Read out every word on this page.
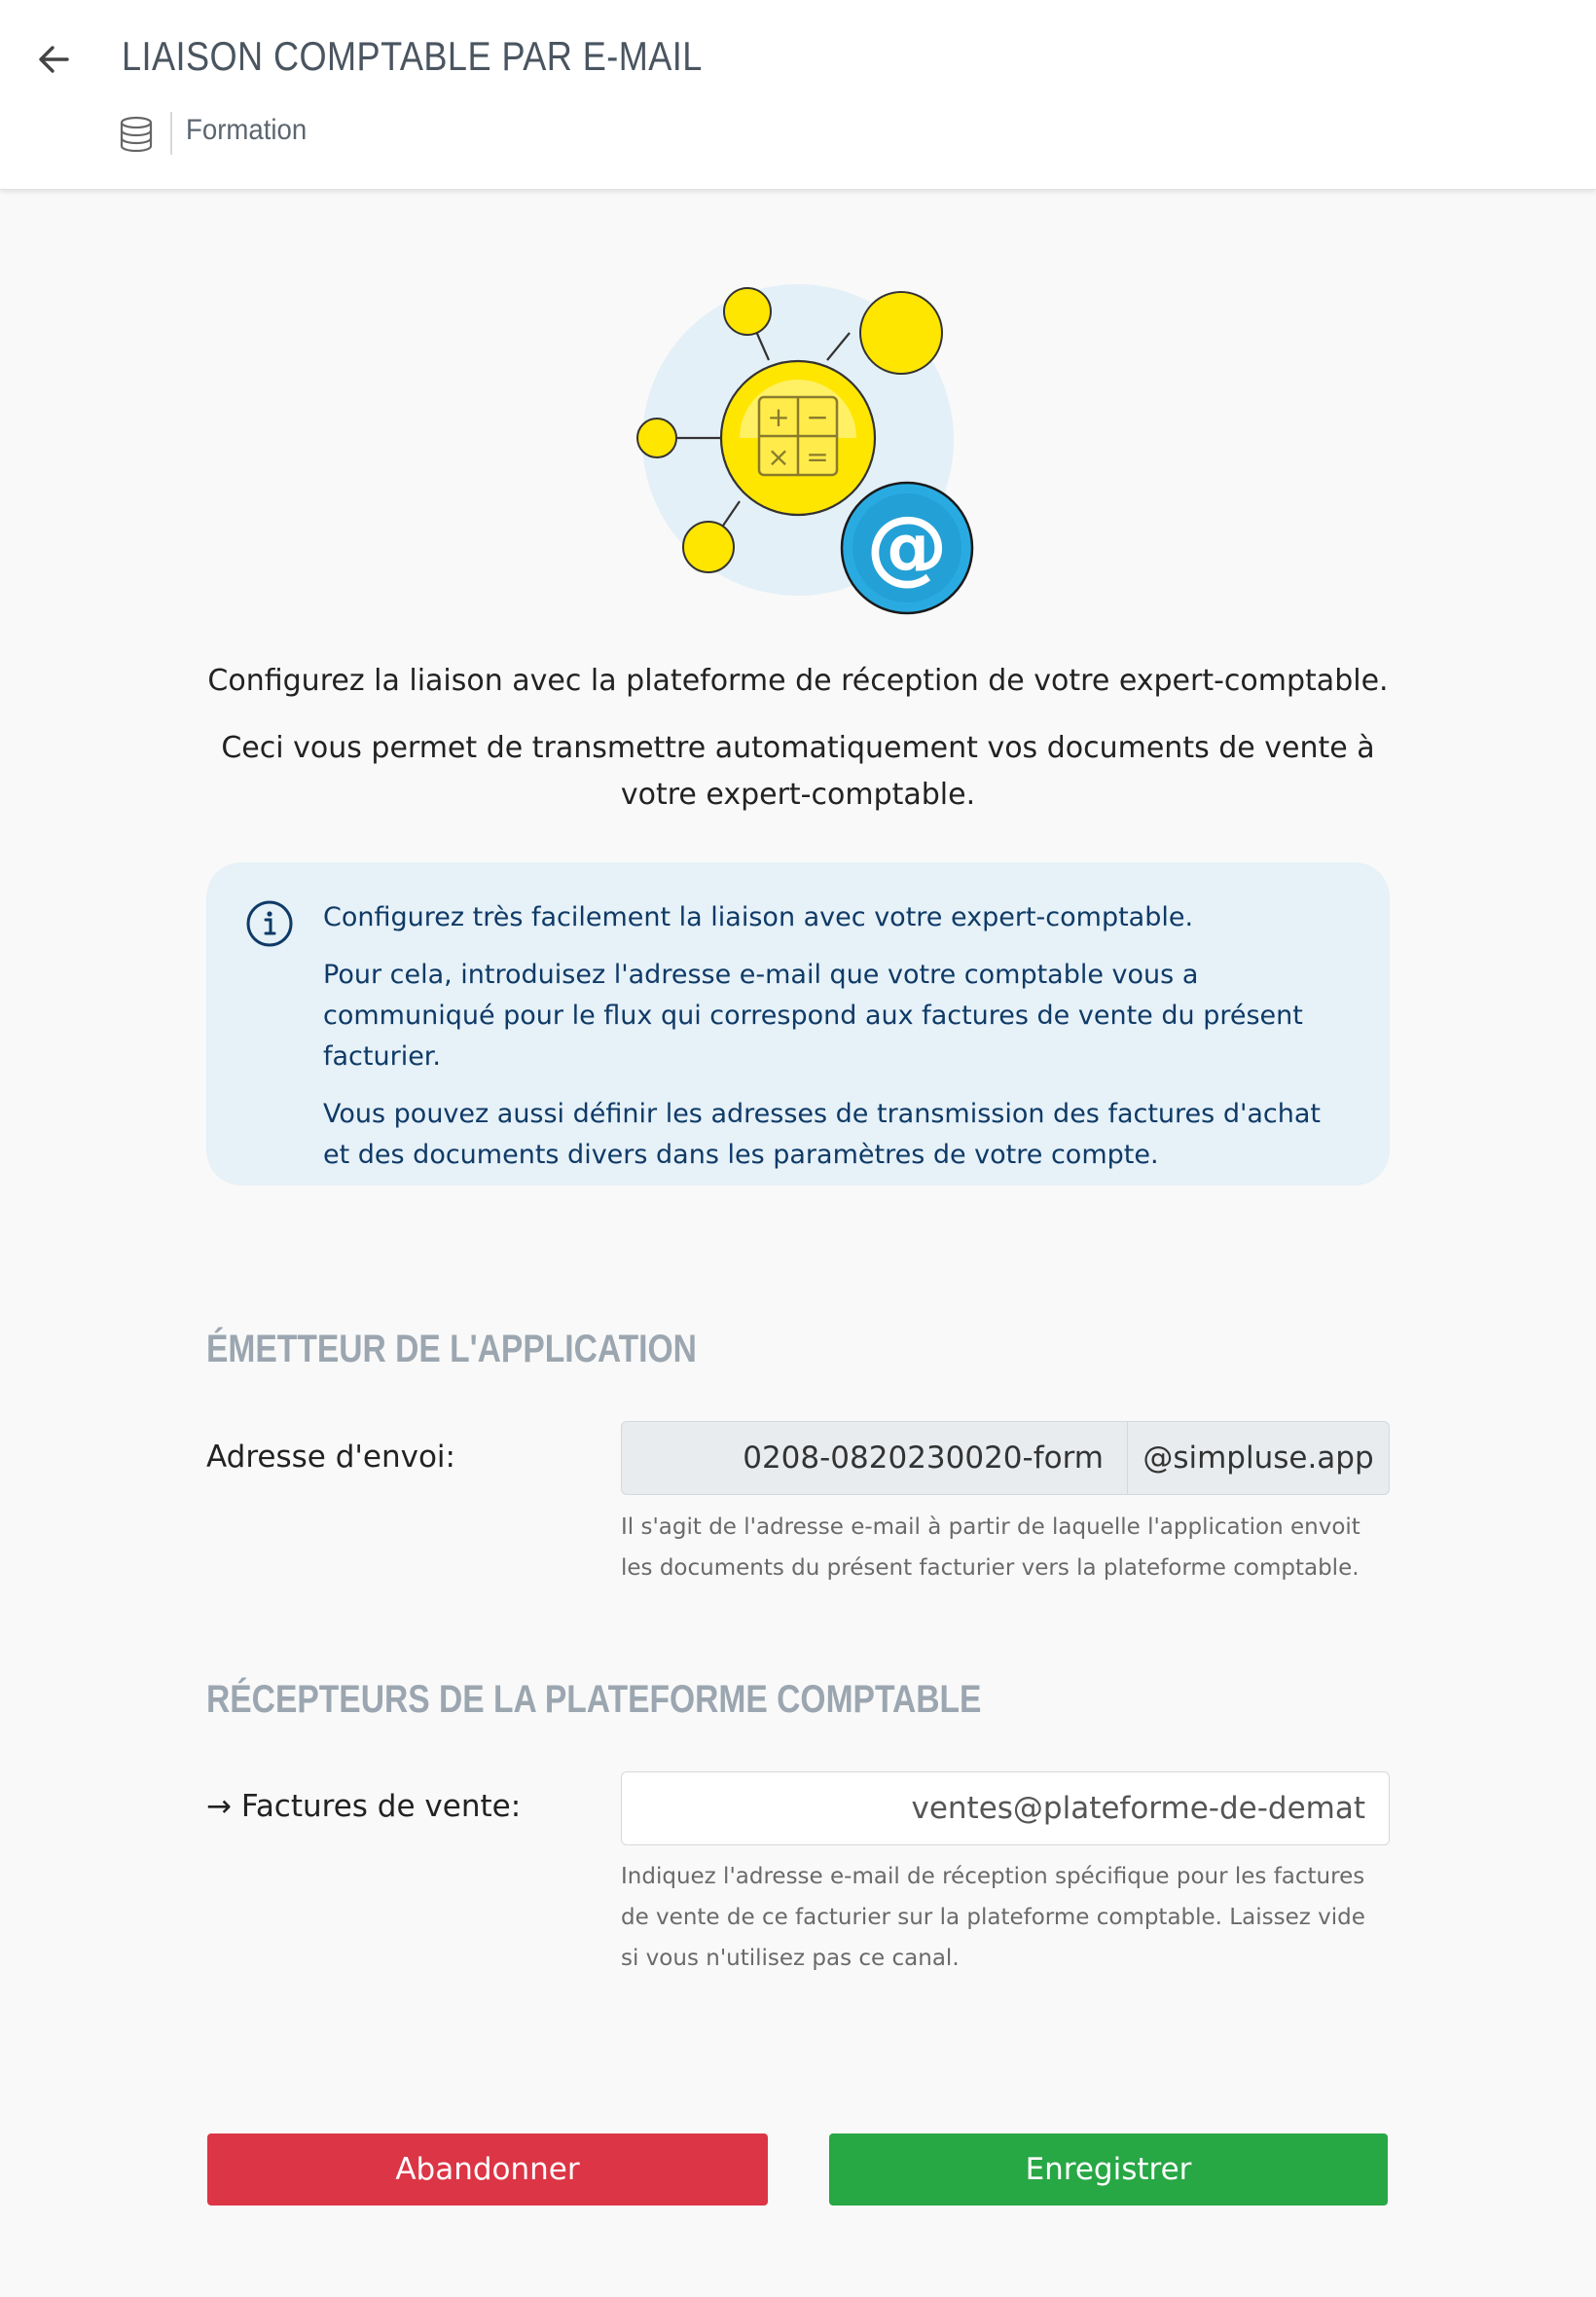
LIAISON COMPTABLE PAR E-MAIL
Formation
+ −
× =
@
Configurez la liaison avec la plateforme de réception de votre expert-comptable.
Ceci vous permet de transmettre automatiquement vos documents de vente à
votre expert-comptable.

Configurez très facilement la liaison avec votre expert-comptable.

Pour cela, introduisez l'adresse e-mail que votre comptable vous a communiqué pour le flux qui correspond aux factures de vente du présent facturier.

Vous pouvez aussi définir les adresses de transmission des factures d'achat et des documents divers dans les paramètres de votre compte.

ÉMETTEUR DE L'APPLICATION
Adresse d'envoi:	0208-0820230020-form	@simpluse.app
Il s'agit de l'adresse e-mail à partir de laquelle l'application envoit les documents du présent facturier vers la plateforme comptable.
RÉCEPTEURS DE LA PLATEFORME COMPTABLE
→ Factures de vente:
ventes@plateforme-de-demat
Indiquez l'adresse e-mail de réception spécifique pour les factures de vente de ce facturier sur la plateforme comptable. Laissez vide si vous n'utilisez pas ce canal.
Abandonner	Enregistrer
